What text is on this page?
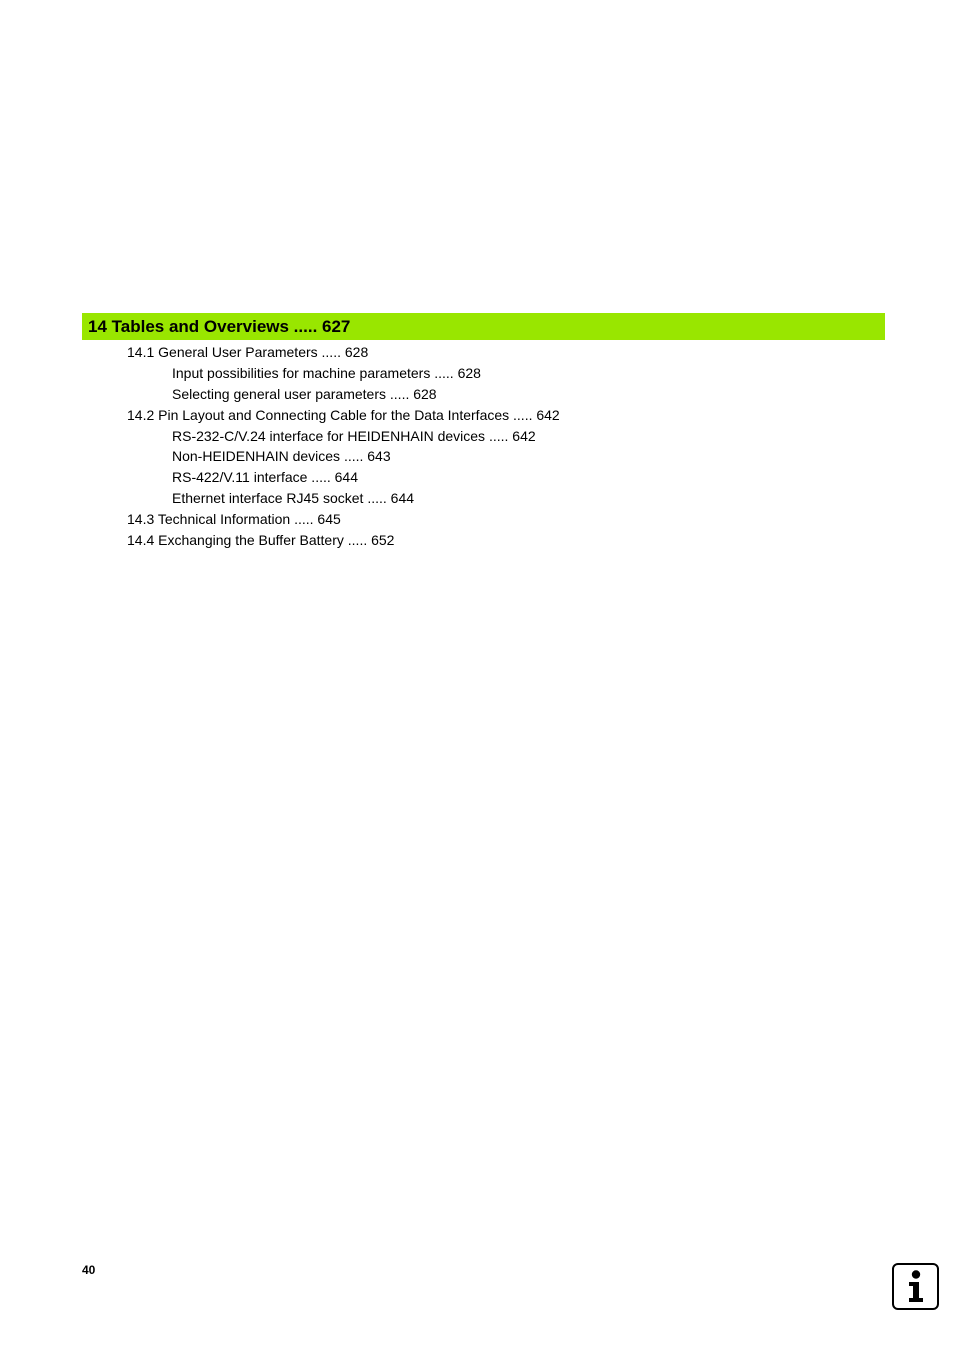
14 Tables and Overviews ..... 627
14.1 General User Parameters ..... 628
Input possibilities for machine parameters ..... 628
Selecting general user parameters ..... 628
14.2 Pin Layout and Connecting Cable for the Data Interfaces ..... 642
RS-232-C/V.24 interface for HEIDENHAIN devices ..... 642
Non-HEIDENHAIN devices ..... 643
RS-422/V.11 interface ..... 644
Ethernet interface RJ45 socket ..... 644
14.3 Technical Information ..... 645
14.4 Exchanging the Buffer Battery ..... 652
40
